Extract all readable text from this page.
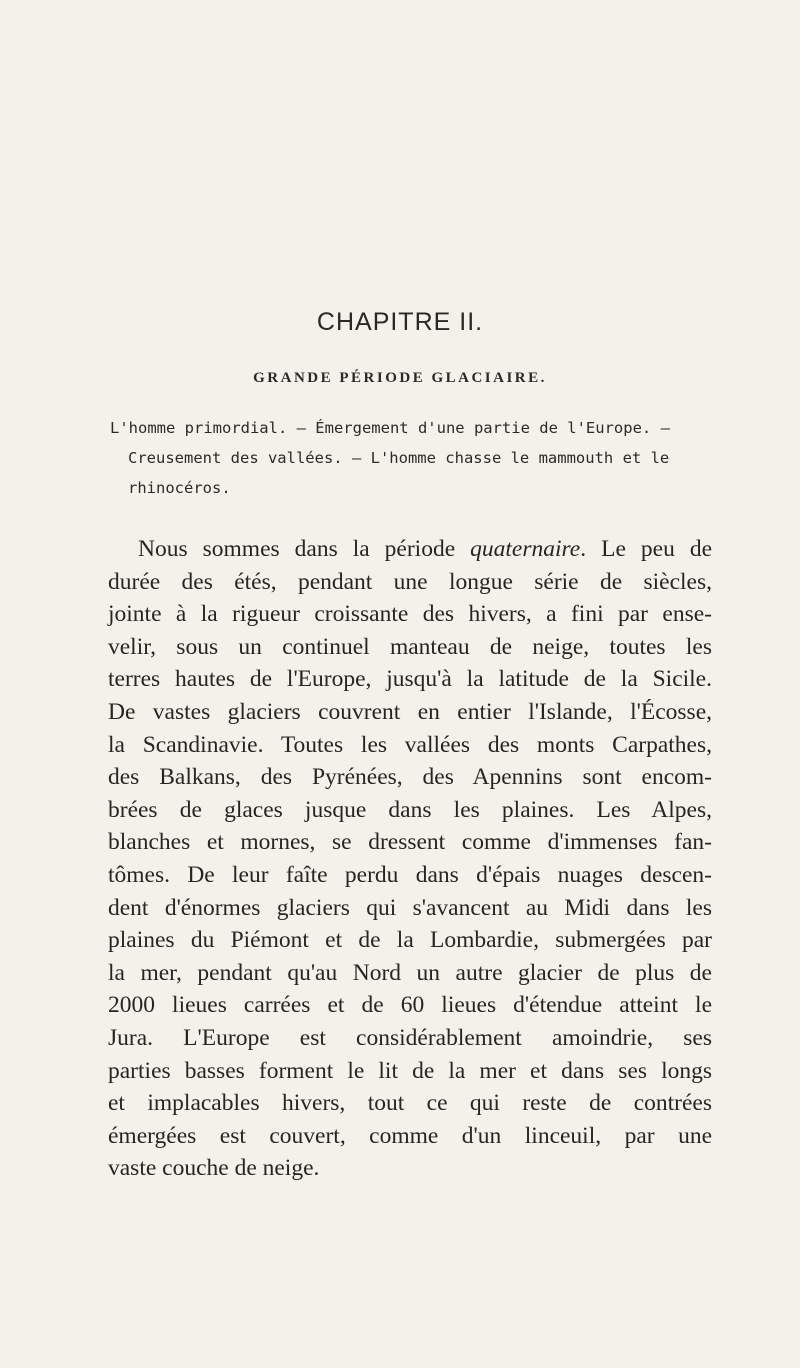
CHAPITRE II.
GRANDE PÉRIODE GLACIAIRE.
L'homme primordial. — Émergement d'une partie de l'Europe. —
Creusement des vallées. — L'homme chasse le mammouth et le
rhinocéros.
Nous sommes dans la période quaternaire. Le peu de
durée des étés, pendant une longue série de siècles,
jointe à la rigueur croissante des hivers, a fini par ense-
velir, sous un continuel manteau de neige, toutes les
terres hautes de l'Europe, jusqu'à la latitude de la Sicile.
De vastes glaciers couvrent en entier l'Islande, l'Écosse,
la Scandinavie. Toutes les vallées des monts Carpathes,
des Balkans, des Pyrénées, des Apennins sont encom-
brées de glaces jusque dans les plaines. Les Alpes,
blanches et mornes, se dressent comme d'immenses fan-
tômes. De leur faîte perdu dans d'épais nuages descen-
dent d'énormes glaciers qui s'avancent au Midi dans les
plaines du Piémont et de la Lombardie, submergées par
la mer, pendant qu'au Nord un autre glacier de plus de
2000 lieues carrées et de 60 lieues d'étendue atteint le
Jura. L'Europe est considérablement amoindrie, ses
parties basses forment le lit de la mer et dans ses longs
et implacables hivers, tout ce qui reste de contrées
émergées est couvert, comme d'un linceuil, par une
vaste couche de neige.
